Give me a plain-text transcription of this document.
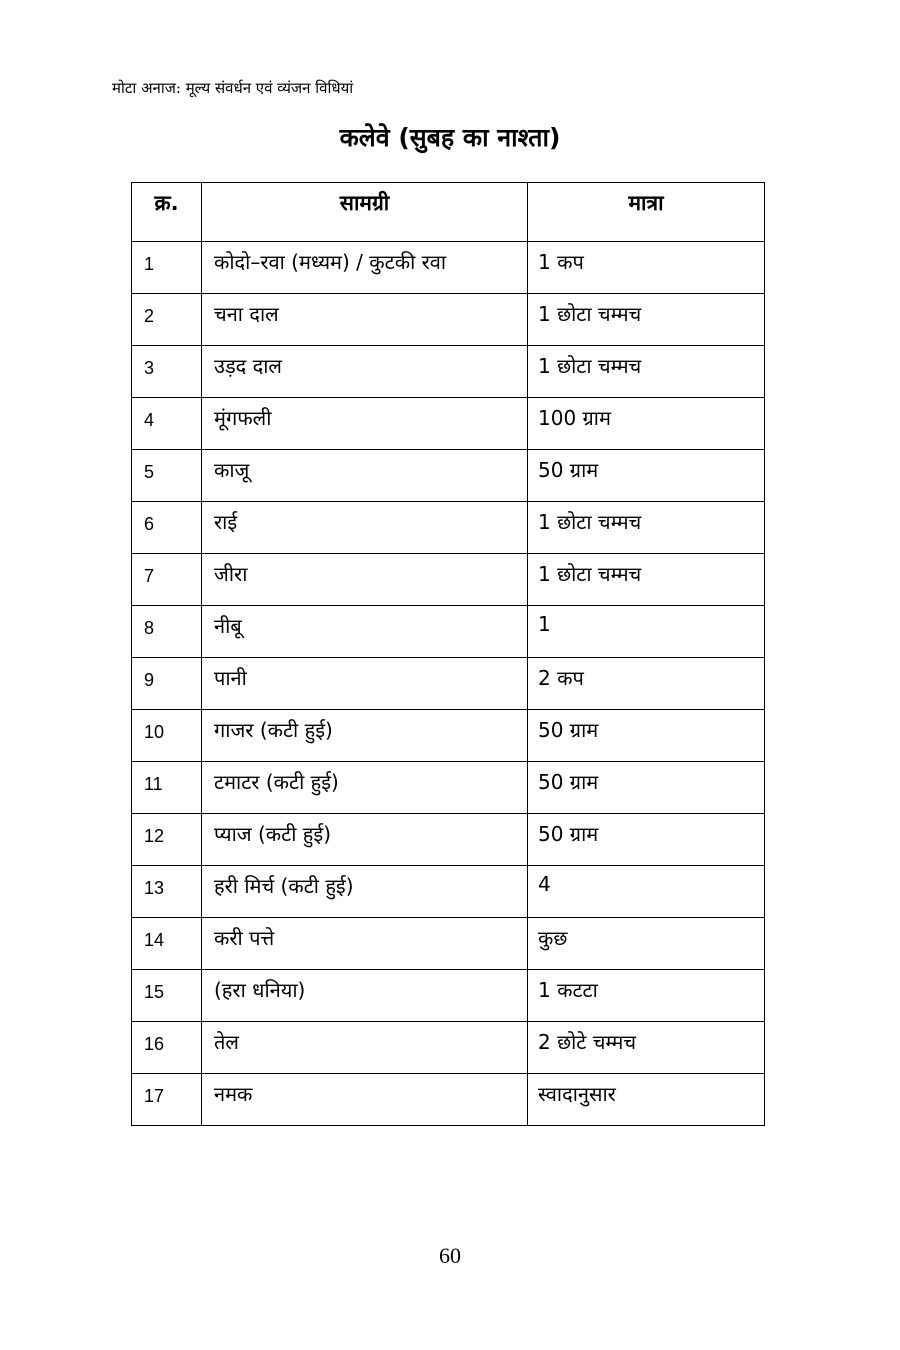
मोटा अनाज: मूल्य संवर्धन एवं व्यंजन विधियां
कलेवे (सुबह का नाश्ता)
क्र.	सामग्री	मात्रा
1	कोदो–रवा (मध्यम) / कुटकी रवा	1 कप
2	चना दाल	1 छोटा चम्मच
3	उड़द दाल	1 छोटा चम्मच
4	मूंगफली	100 ग्राम
5	काजू	50 ग्राम
6	राई	1 छोटा चम्मच
7	जीरा	1 छोटा चम्मच
8	नीबू	1
9	पानी	2 कप
10	गाजर (कटी हुई)	50 ग्राम
11	टमाटर (कटी हुई)	50 ग्राम
12	प्याज (कटी हुई)	50 ग्राम
13	हरी मिर्च (कटी हुई)	4
14	करी पत्ते	कुछ
15	(हरा धनिया)	1 कटटा
16	तेल	2 छोटे चम्मच
17	नमक	स्वादानुसार
60
